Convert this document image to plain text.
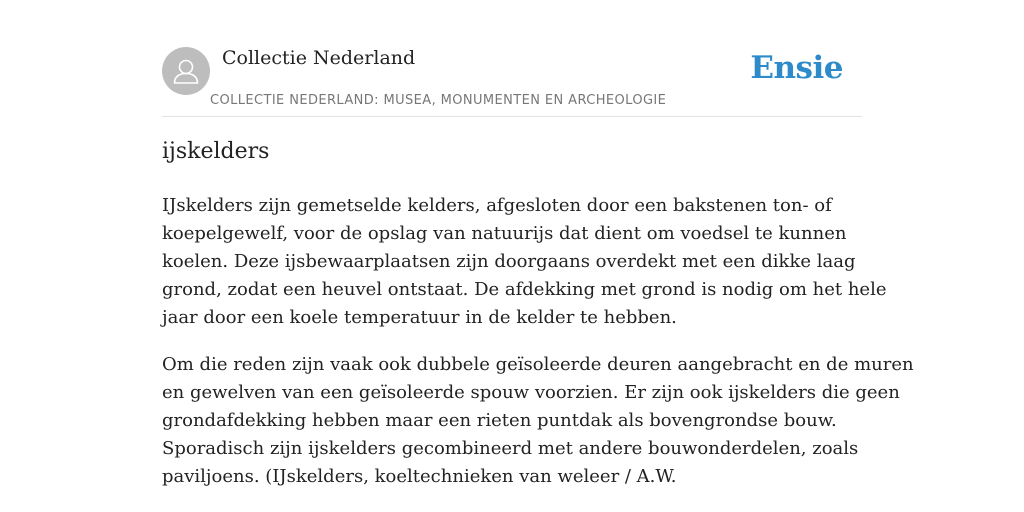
Collectie Nederland
COLLECTIE NEDERLAND: MUSEA, MONUMENTEN EN ARCHEOLOGIE
Ensie
ijskelders

IJskelders zijn gemetselde kelders, afgesloten door een bakstenen ton- of
koepelgewelf, voor de opslag van natuurijs dat dient om voedsel te kunnen
koelen. Deze ijsbewaarplaatsen zijn doorgaans overdekt met een dikke laag
grond, zodat een heuvel ontstaat. De afdekking met grond is nodig om het hele
jaar door een koele temperatuur in de kelder te hebben.

Om die reden zijn vaak ook dubbele geïsoleerde deuren aangebracht en de muren
en gewelven van een geïsoleerde spouw voorzien. Er zijn ook ijskelders die geen
grondafdekking hebben maar een rieten puntdak als bovengrondse bouw.
Sporadisch zijn ijskelders gecombineerd met andere bouwonderdelen, zoals
paviljoens. (IJskelders, koeltechnieken van weleer / A.W.
